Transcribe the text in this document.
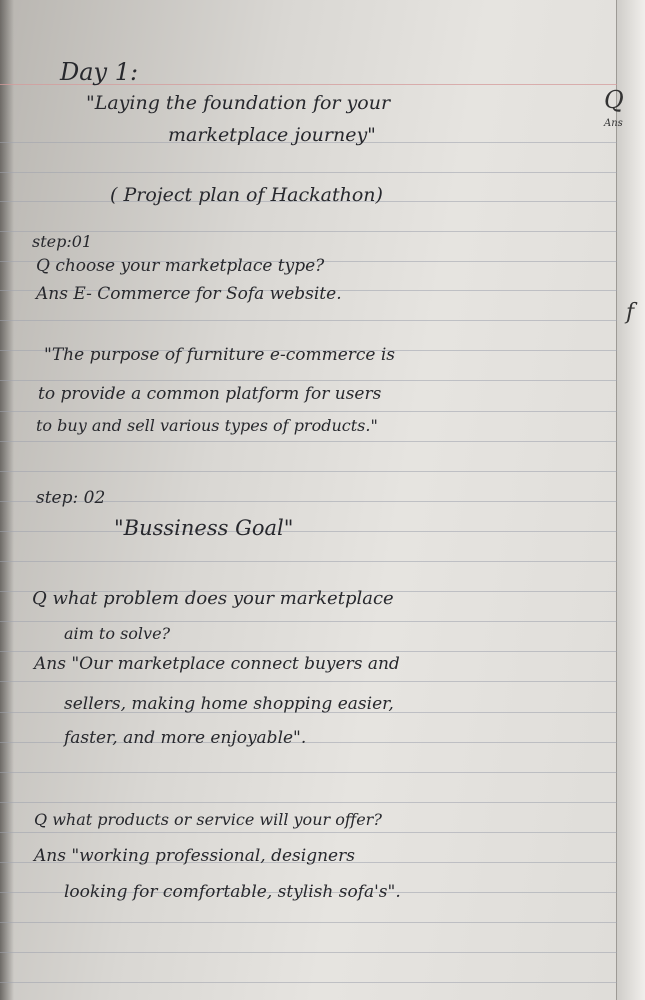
Day 1:
"Laying the foundation for your
marketplace journey"
( Project plan of Hackathon)
step:01
Q choose your marketplace type?
Ans E- Commerce for Sofa website.
"The purpose of furniture e-commerce is
to provide a common platform for users
to buy and sell various types of products."
step: 02
"Bussiness Goal"
Q what problem does your marketplace
aim to solve?
Ans "Our marketplace connect buyers and
sellers, making home shopping easier,
faster, and more enjoyable".
Q what products or service will your offer?
Ans "working professional, designers
looking for comfortable, stylish sofa's".
Q
Ans
f
